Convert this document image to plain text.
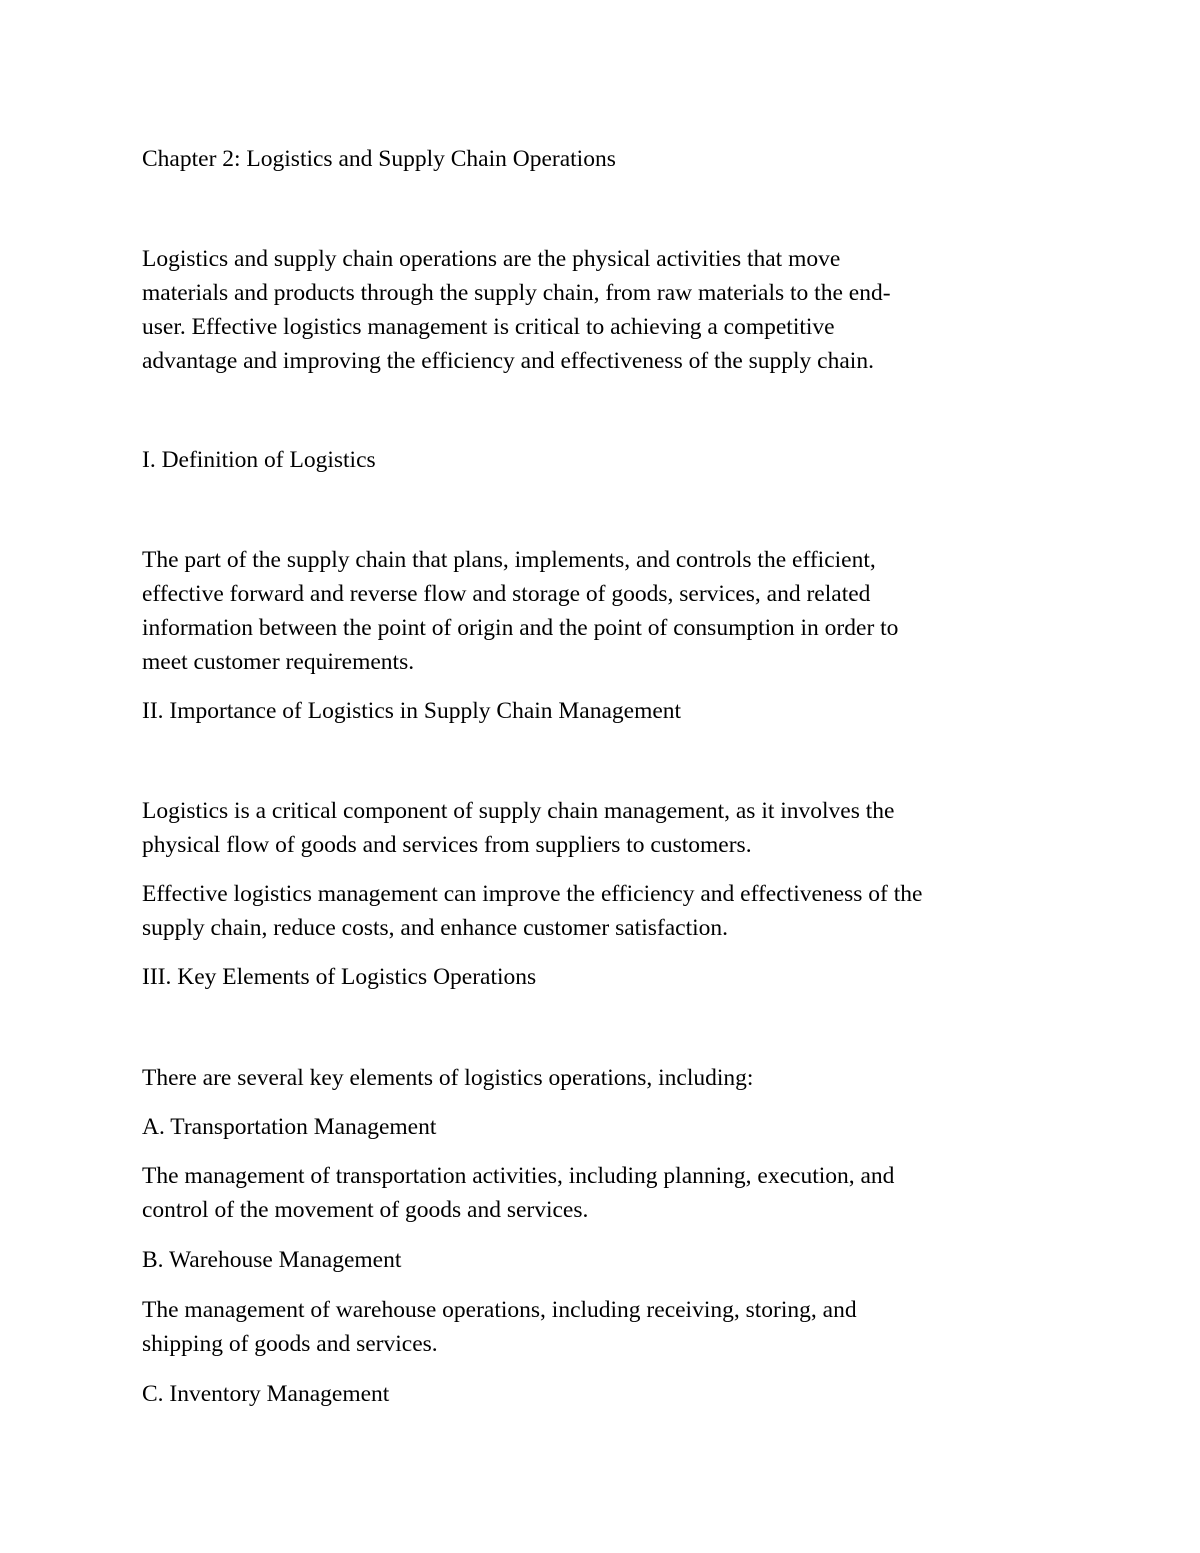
Chapter 2: Logistics and Supply Chain Operations

Logistics and supply chain operations are the physical activities that move

materials and products through the supply chain, from raw materials to the end-

user. Effective logistics management is critical to achieving a competitive

advantage and improving the efficiency and effectiveness of the supply chain.

I. Definition of Logistics

The part of the supply chain that plans, implements, and controls the efficient,

effective forward and reverse flow and storage of goods, services, and related

information between the point of origin and the point of consumption in order to

meet customer requirements.

II. Importance of Logistics in Supply Chain Management

Logistics is a critical component of supply chain management, as it involves the

physical flow of goods and services from suppliers to customers.

Effective logistics management can improve the efficiency and effectiveness of the

supply chain, reduce costs, and enhance customer satisfaction.

III. Key Elements of Logistics Operations

There are several key elements of logistics operations, including:

A. Transportation Management

The management of transportation activities, including planning, execution, and

control of the movement of goods and services.

B. Warehouse Management

The management of warehouse operations, including receiving, storing, and

shipping of goods and services.

C. Inventory Management
